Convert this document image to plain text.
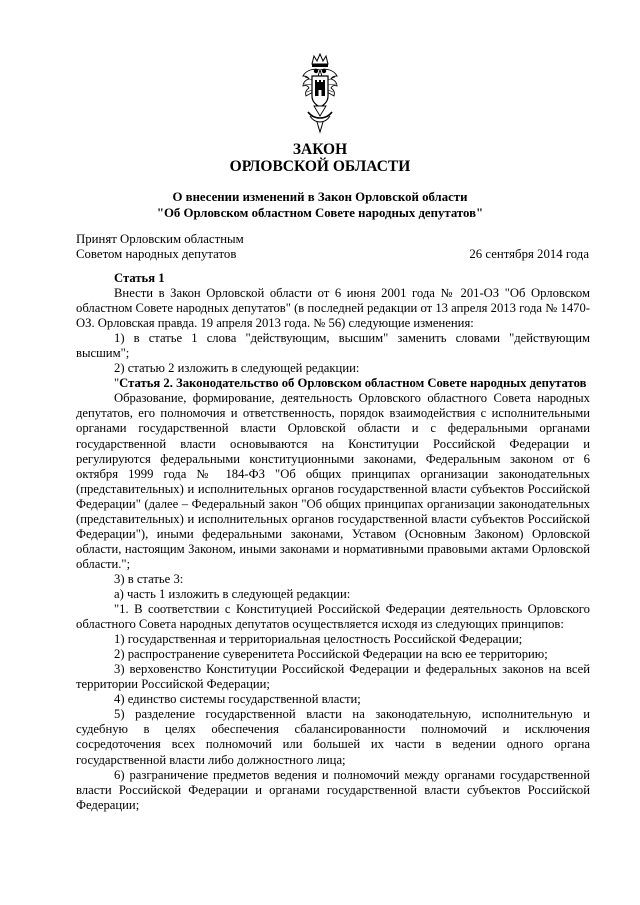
ЗАКОН
ОРЛОВСКОЙ ОБЛАСТИ
О внесении изменений в Закон Орловской области
"Об Орловском областном Совете народных депутатов"
Принят Орловским областным
Советом народных депутатов	26 сентября 2014 года

Статья 1

Внести в Закон Орловской области от 6 июня 2001 года № 201-ОЗ "Об Орловском областном Совете народных депутатов" (в последней редакции от 13 апреля 2013 года № 1470-ОЗ. Орловская правда. 19 апреля 2013 года. № 56) следующие изменения:

1) в статье 1 слова "действующим, высшим" заменить словами "действующим высшим";

2) статью 2 изложить в следующей редакции:

"Статья 2. Законодательство об Орловском областном Совете народных депутатов

Образование, формирование, деятельность Орловского областного Совета народных депутатов, его полномочия и ответственность, порядок взаимодействия с исполнительными органами государственной власти Орловской области и с федеральными органами государственной власти основываются на Конституции Российской Федерации и регулируются федеральными конституционными законами, Федеральным законом от 6 октября 1999 года № 184-ФЗ "Об общих принципах организации законодательных (представительных) и исполнительных органов государственной власти субъектов Российской Федерации" (далее – Федеральный закон "Об общих принципах организации законодательных (представительных) и исполнительных органов государственной власти субъектов Российской Федерации"), иными федеральными законами, Уставом (Основным Законом) Орловской области, настоящим Законом, иными законами и нормативными правовыми актами Орловской области.";

3) в статье 3:

а) часть 1 изложить в следующей редакции:

"1. В соответствии с Конституцией Российской Федерации деятельность Орловского областного Совета народных депутатов осуществляется исходя из следующих принципов:

1) государственная и территориальная целостность Российской Федерации;

2) распространение суверенитета Российской Федерации на всю ее территорию;

3) верховенство Конституции Российской Федерации и федеральных законов на всей территории Российской Федерации;

4) единство системы государственной власти;

5) разделение государственной власти на законодательную, исполнительную и судебную в целях обеспечения сбалансированности полномочий и исключения сосредоточения всех полномочий или большей их части в ведении одного органа государственной власти либо должностного лица;

6) разграничение предметов ведения и полномочий между органами государственной власти Российской Федерации и органами государственной власти субъектов Российской Федерации;
